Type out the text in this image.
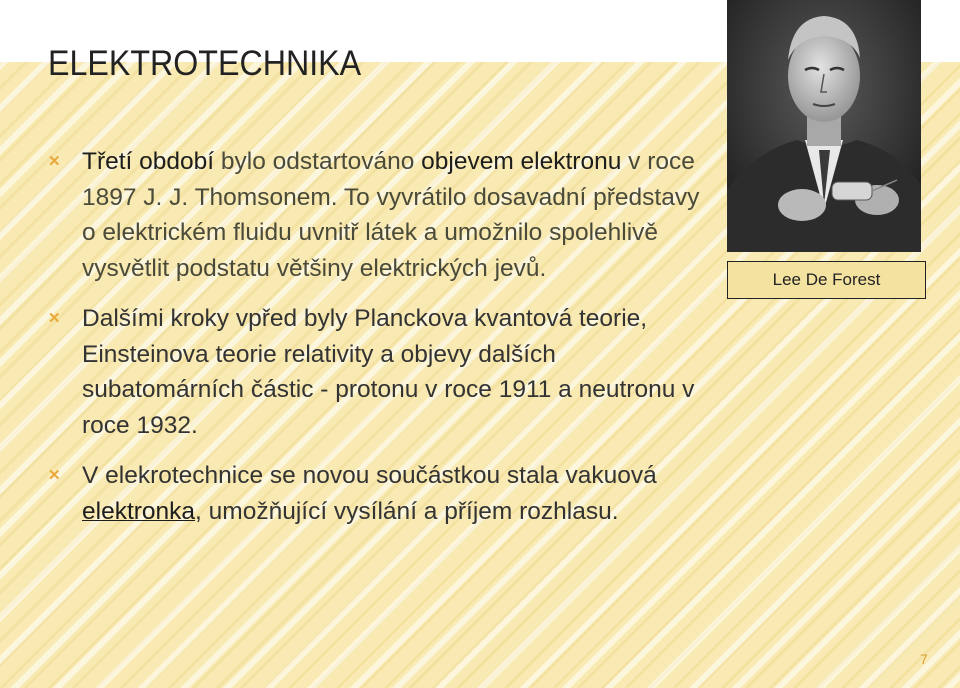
ELEKTROTECHNIKA
✕ Třetí období bylo odstartováno objevem elektronu v roce 1897 J. J. Thomsonem. To vyvrátilo dosavadní představy o elektrickém fluidu uvnitř látek a umožnilo spolehlivě vysvětlit podstatu většiny elektrických jevů.
✕ Dalšími kroky vpřed byly Planckova kvantová teorie, Einsteinova teorie relativity a objevy dalších subatomárních částic - protonu v roce 1911 a neutronu v roce 1932.
✕ V elekrotechnice se novou součástkou stala vakuová elektronka, umožňující vysílání a příjem rozhlasu.
Lee De Forest
7
